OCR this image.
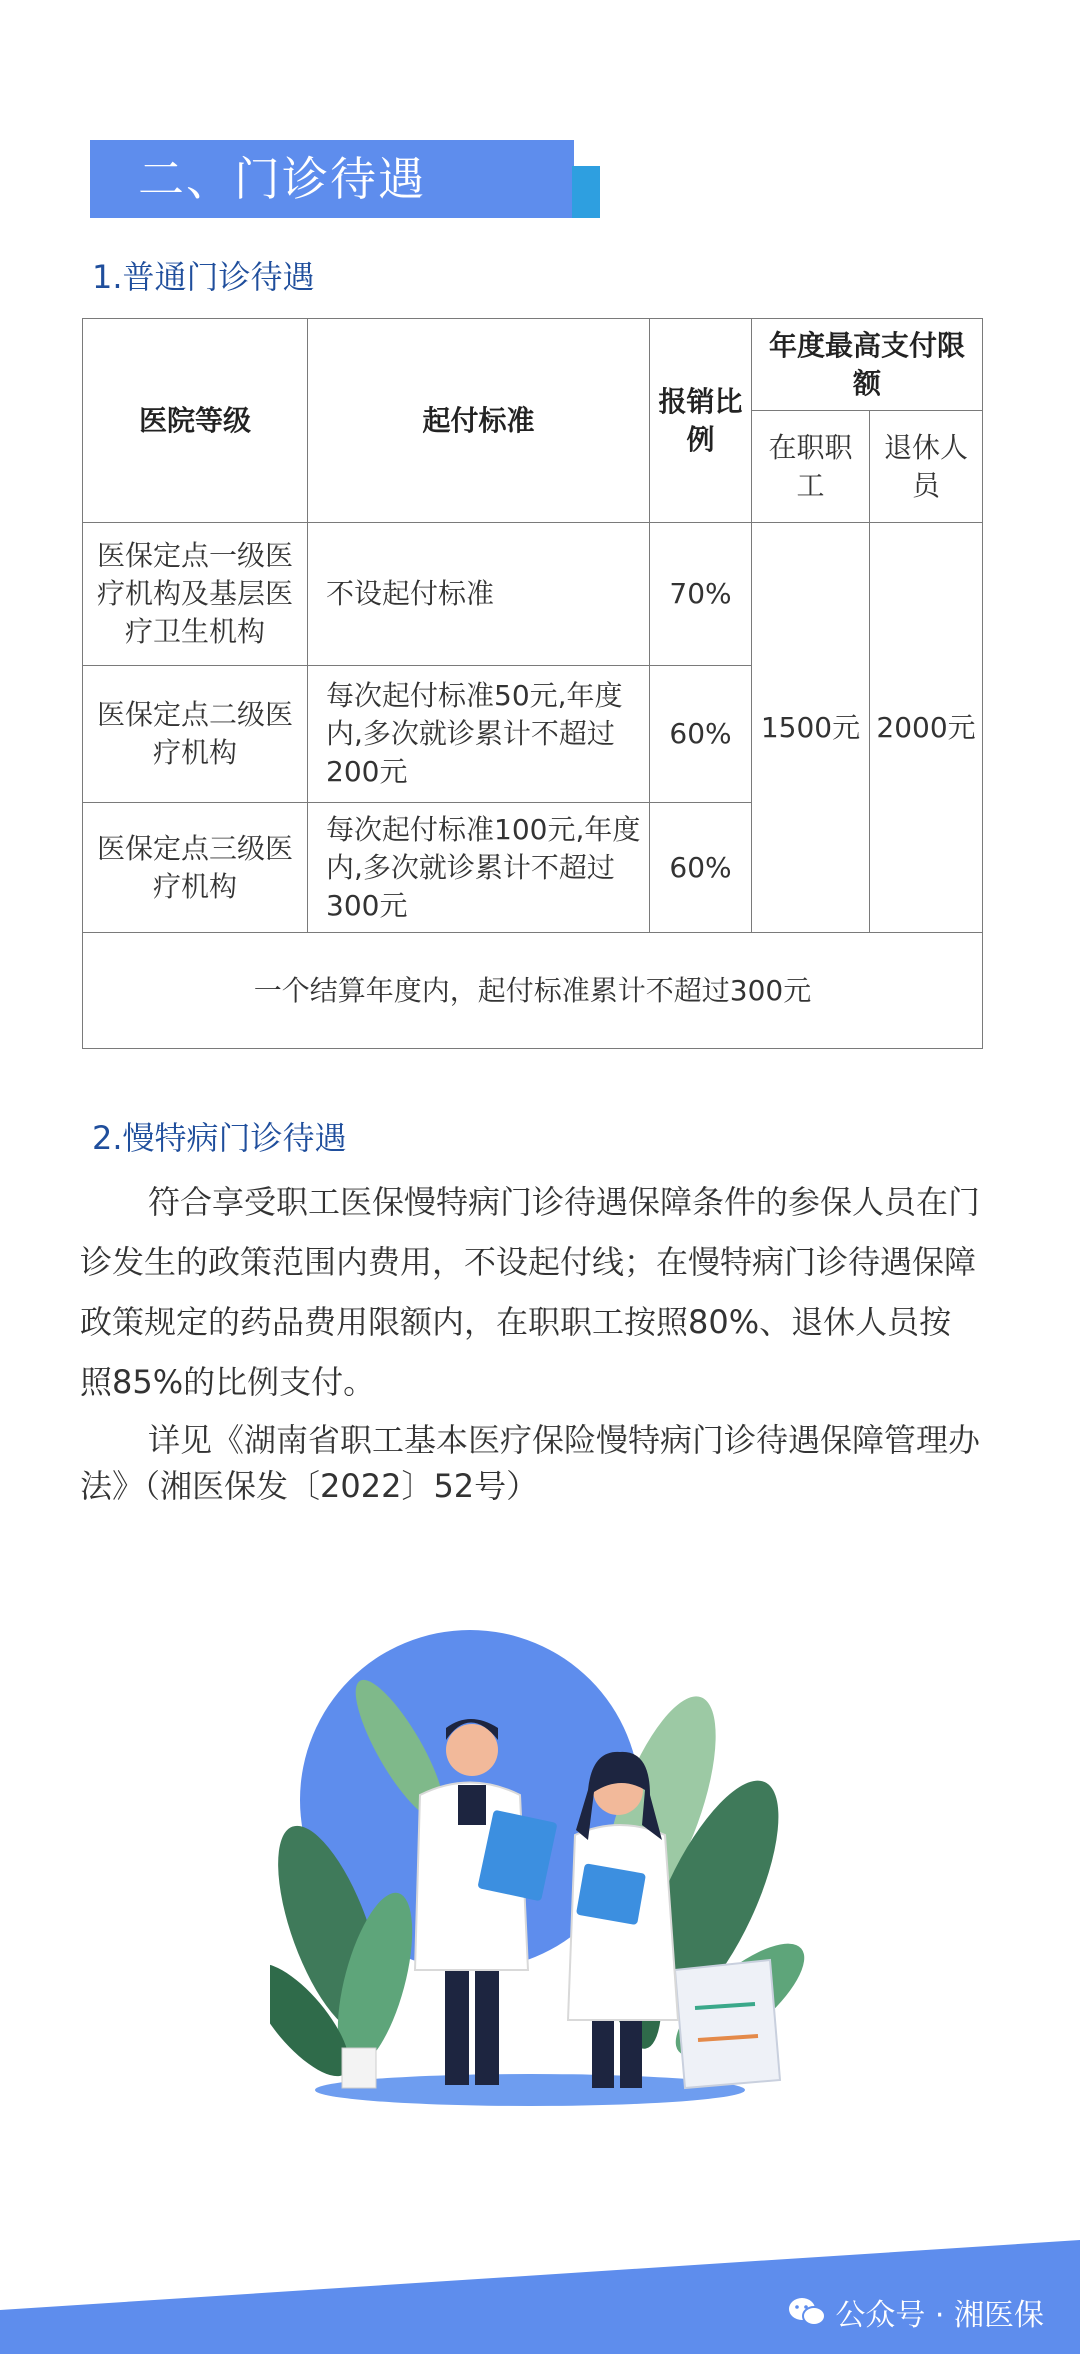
二、门诊待遇
1.普通门诊待遇
医院等级	起付标准	报销比例	年度最高支付限额	
			在职职工	退休人员
医保定点一级医疗机构及基层医疗卫生机构	不设起付标准	70%	1500元	2000元
医保定点二级医疗机构	每次起付标准50元,年度内,多次就诊累计不超过200元	60%		
医保定点三级医疗机构	每次起付标准100元,年度内,多次就诊累计不超过300元	60%		
一个结算年度内，起付标准累计不超过300元				
2.慢特病门诊待遇

符合享受职工医保慢特病门诊待遇保障条件的参保人员在门诊发生的政策范围内费用，不设起付线；在慢特病门诊待遇保障政策规定的药品费用限额内，在职职工按照80%、退休人员按照85%的比例支付。

详见《湖南省职工基本医疗保险慢特病门诊待遇保障管理办法》（湘医保发〔2022〕52号）

公众号 · 湘医保
